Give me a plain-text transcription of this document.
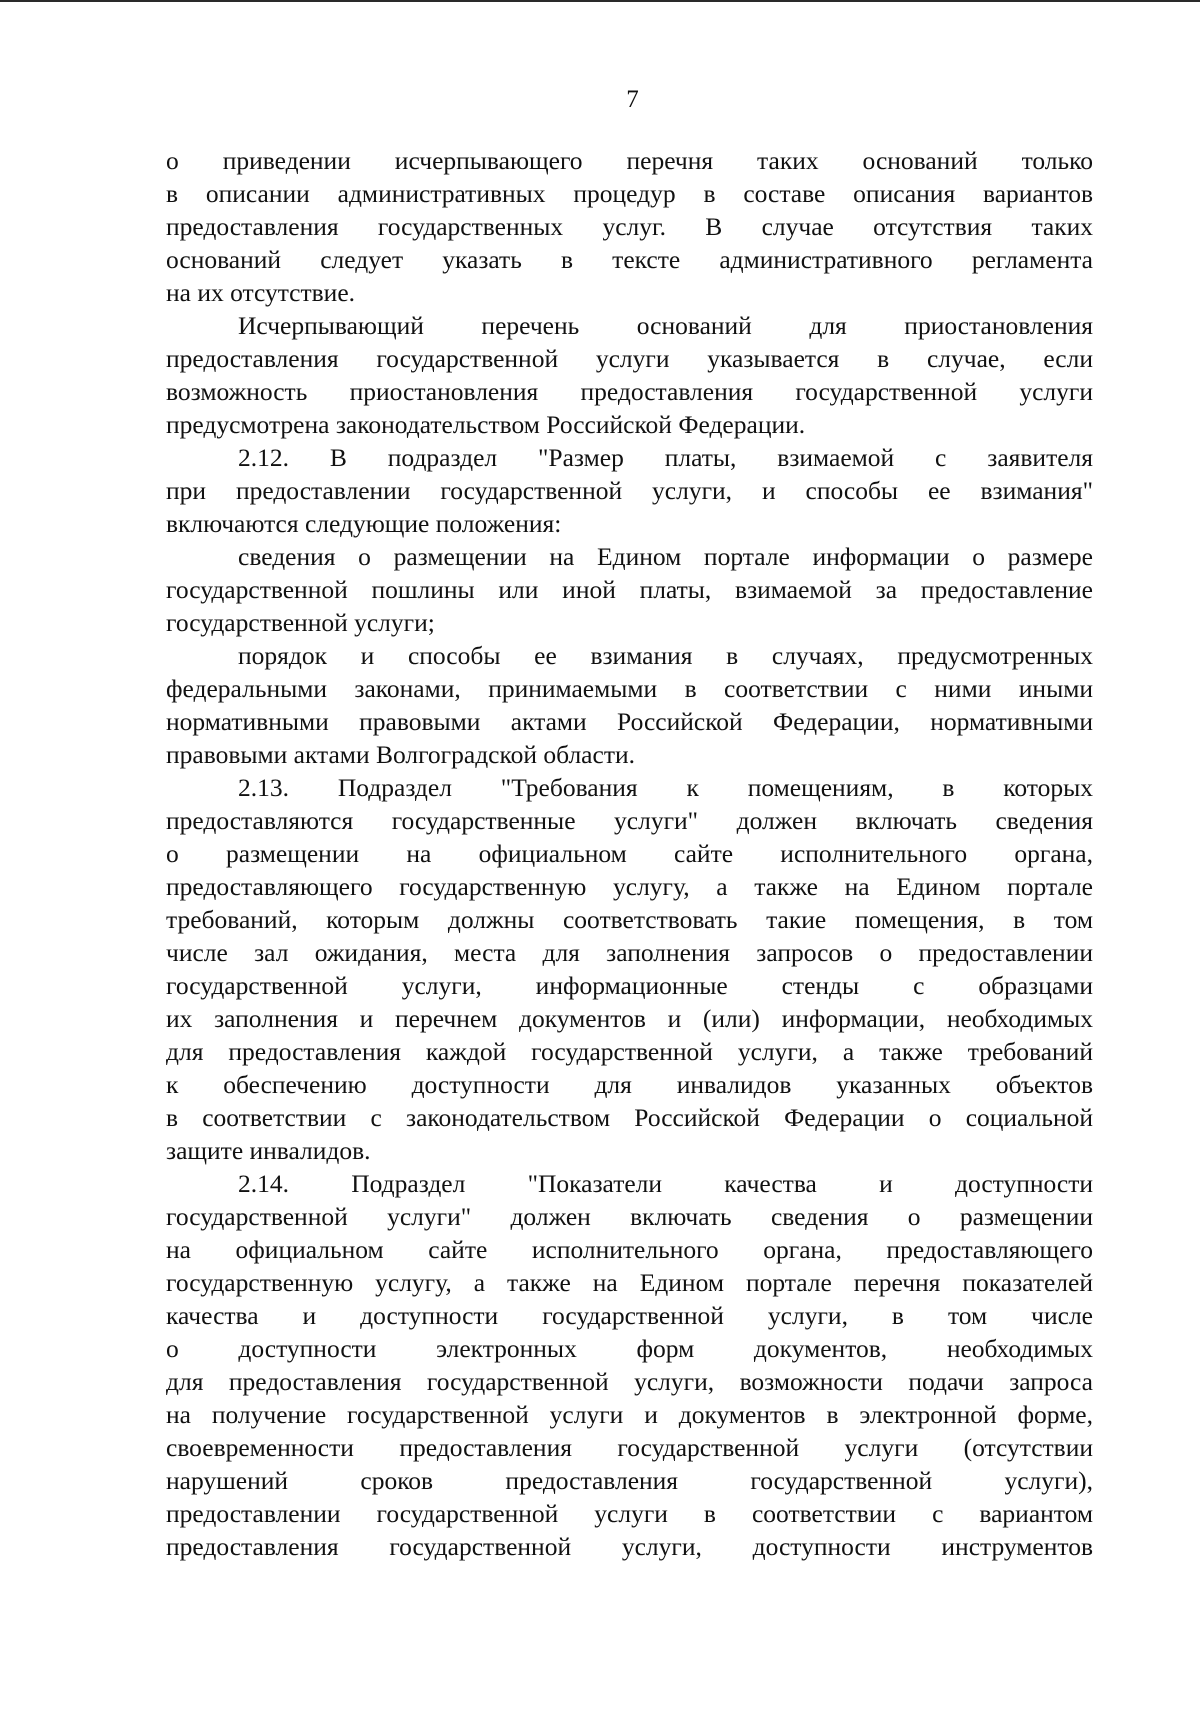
7
о приведении исчерпывающего перечня таких оснований только
в описании административных процедур в составе описания вариантов
предоставления государственных услуг. В случае отсутствия таких
оснований следует указать в тексте административного регламента
на их отсутствие.
Исчерпывающий перечень оснований для приостановления
предоставления государственной услуги указывается в случае, если
возможность приостановления предоставления государственной услуги
предусмотрена законодательством Российской Федерации.
2.12. В подраздел "Размер платы, взимаемой с заявителя
при предоставлении государственной услуги, и способы ее взимания"
включаются следующие положения:
сведения о размещении на Едином портале информации о размере
государственной пошлины или иной платы, взимаемой за предоставление
государственной услуги;
порядок и способы ее взимания в случаях, предусмотренных
федеральными законами, принимаемыми в соответствии с ними иными
нормативными правовыми актами Российской Федерации, нормативными
правовыми актами Волгоградской области.
2.13. Подраздел "Требования к помещениям, в которых
предоставляются государственные услуги" должен включать сведения
о размещении на официальном сайте исполнительного органа,
предоставляющего государственную услугу, а также на Едином портале
требований, которым должны соответствовать такие помещения, в том
числе зал ожидания, места для заполнения запросов о предоставлении
государственной услуги, информационные стенды с образцами
их заполнения и перечнем документов и (или) информации, необходимых
для предоставления каждой государственной услуги, а также требований
к обеспечению доступности для инвалидов указанных объектов
в соответствии с законодательством Российской Федерации о социальной
защите инвалидов.
2.14. Подраздел "Показатели качества и доступности
государственной услуги" должен включать сведения о размещении
на официальном сайте исполнительного органа, предоставляющего
государственную услугу, а также на Едином портале перечня показателей
качества и доступности государственной услуги, в том числе
о доступности электронных форм документов, необходимых
для предоставления государственной услуги, возможности подачи запроса
на получение государственной услуги и документов в электронной форме,
своевременности предоставления государственной услуги (отсутствии
нарушений сроков предоставления государственной услуги),
предоставлении государственной услуги в соответствии с вариантом
предоставления государственной услуги, доступности инструментов
